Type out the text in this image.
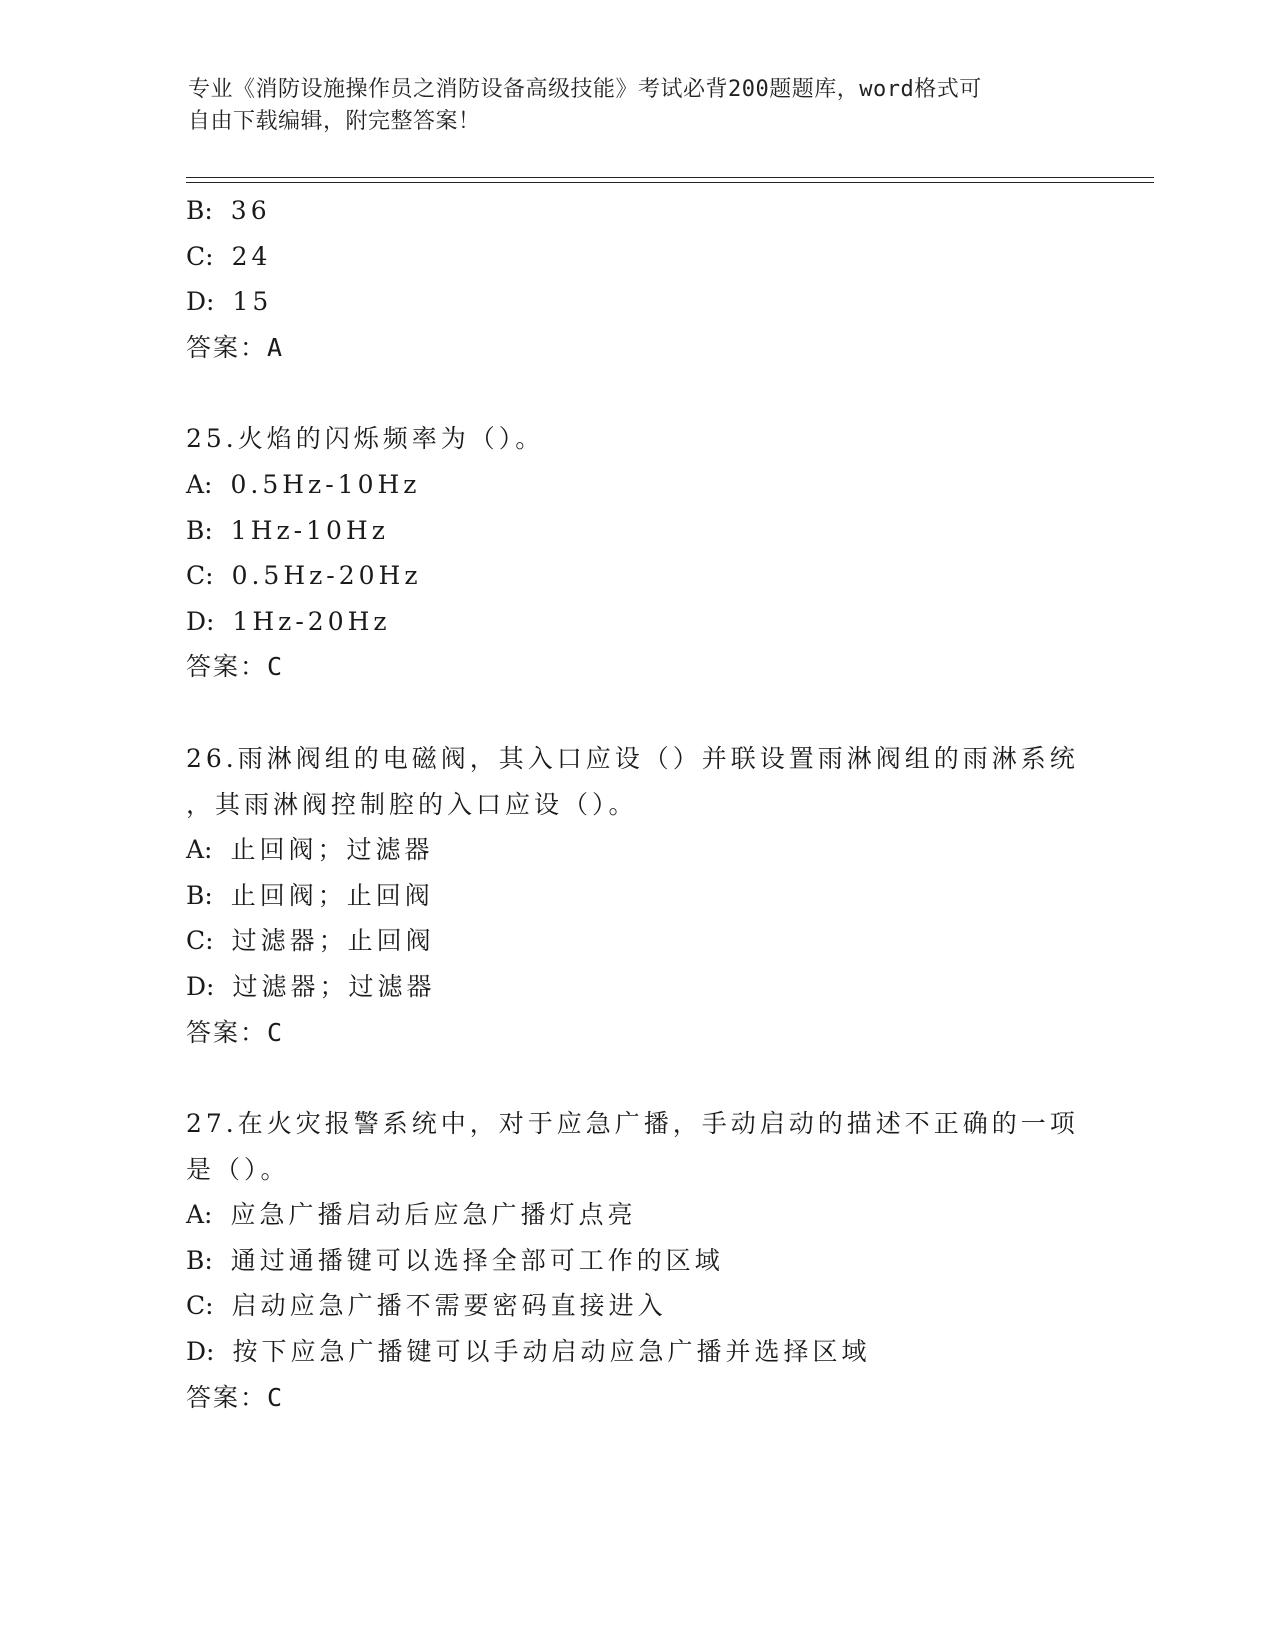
专业《消防设施操作员之消防设备高级技能》考试必背200题题库，word格式可
自由下载编辑，附完整答案！
B: 36
C: 24
D: 15
答案：A
25.火焰的闪烁频率为（）。
A: 0.5Hz-10Hz
B: 1Hz-10Hz
C: 0.5Hz-20Hz
D: 1Hz-20Hz
答案：C
26.雨淋阀组的电磁阀，其入口应设（）并联设置雨淋阀组的雨淋系统
，其雨淋阀控制腔的入口应设（）。
A: 止回阀；过滤器
B: 止回阀；止回阀
C: 过滤器；止回阀
D: 过滤器；过滤器
答案：C
27.在火灾报警系统中，对于应急广播，手动启动的描述不正确的一项
是（）。
A: 应急广播启动后应急广播灯点亮
B: 通过通播键可以选择全部可工作的区域
C: 启动应急广播不需要密码直接进入
D: 按下应急广播键可以手动启动应急广播并选择区域
答案：C
